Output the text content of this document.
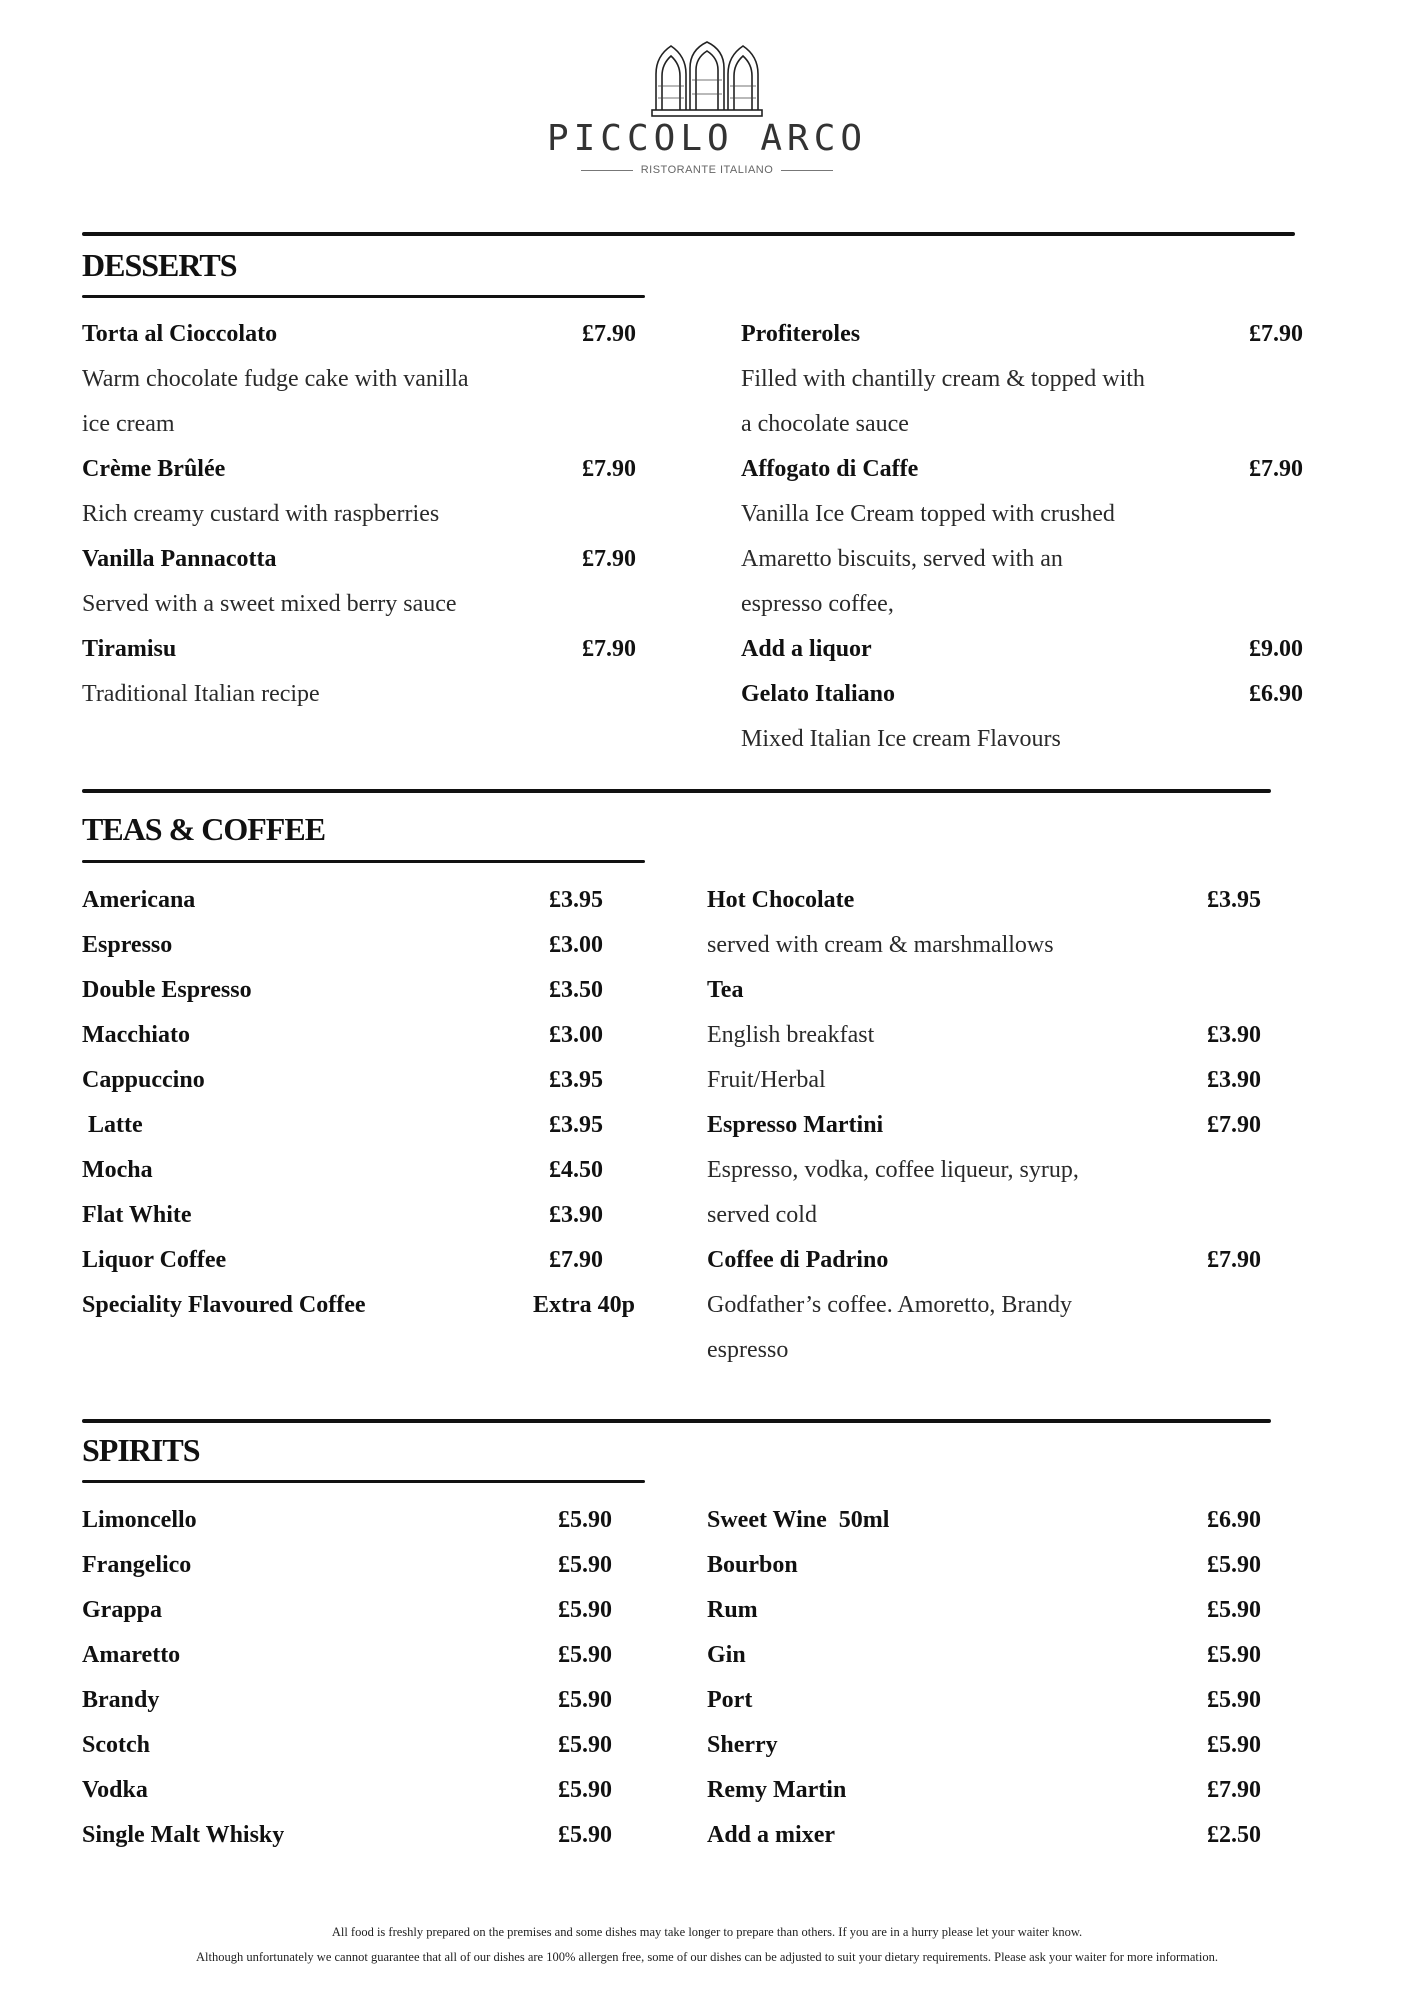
PICCOLO ARCO
RISTORANTE ITALIANO
DESSERTS
Torta al Cioccolato	£7.90
Warm chocolate fudge cake with vanilla
ice cream
Crème Brûlée	£7.90
Rich creamy custard with raspberries
Vanilla Pannacotta	£7.90
Served with a sweet mixed berry sauce
Tiramisu	£7.90
Traditional Italian recipe
Profiteroles	£7.90
Filled with chantilly cream & topped with
a chocolate sauce
Affogato di Caffe	£7.90
Vanilla Ice Cream topped with crushed
Amaretto biscuits, served with an
espresso coffee,
Add a liquor	£9.00
Gelato Italiano	£6.90
Mixed Italian Ice cream Flavours
TEAS & COFFEE
Americana	£3.95
Espresso	£3.00
Double Espresso	£3.50
Macchiato	£3.00
Cappuccino	£3.95
Latte	£3.95
Mocha	£4.50
Flat White	£3.90
Liquor Coffee	£7.90
Speciality Flavoured Coffee	Extra 40p
Hot Chocolate	£3.95
served with cream & marshmallows
Tea
English breakfast	£3.90
Fruit/Herbal	£3.90
Espresso Martini	£7.90
Espresso, vodka, coffee liqueur, syrup,
served cold
Coffee di Padrino	£7.90
Godfather’s coffee. Amoretto, Brandy
espresso
SPIRITS
Limoncello	£5.90
Frangelico	£5.90
Grappa	£5.90
Amaretto	£5.90
Brandy	£5.90
Scotch	£5.90
Vodka	£5.90
Single Malt Whisky	£5.90
Sweet Wine  50ml	£6.90
Bourbon	£5.90
Rum	£5.90
Gin	£5.90
Port	£5.90
Sherry	£5.90
Remy Martin	£7.90
Add a mixer	£2.50
All food is freshly prepared on the premises and some dishes may take longer to prepare than others. If you are in a hurry please let your waiter know.
Although unfortunately we cannot guarantee that all of our dishes are 100% allergen free, some of our dishes can be adjusted to suit your dietary requirements. Please ask your waiter for more information.
